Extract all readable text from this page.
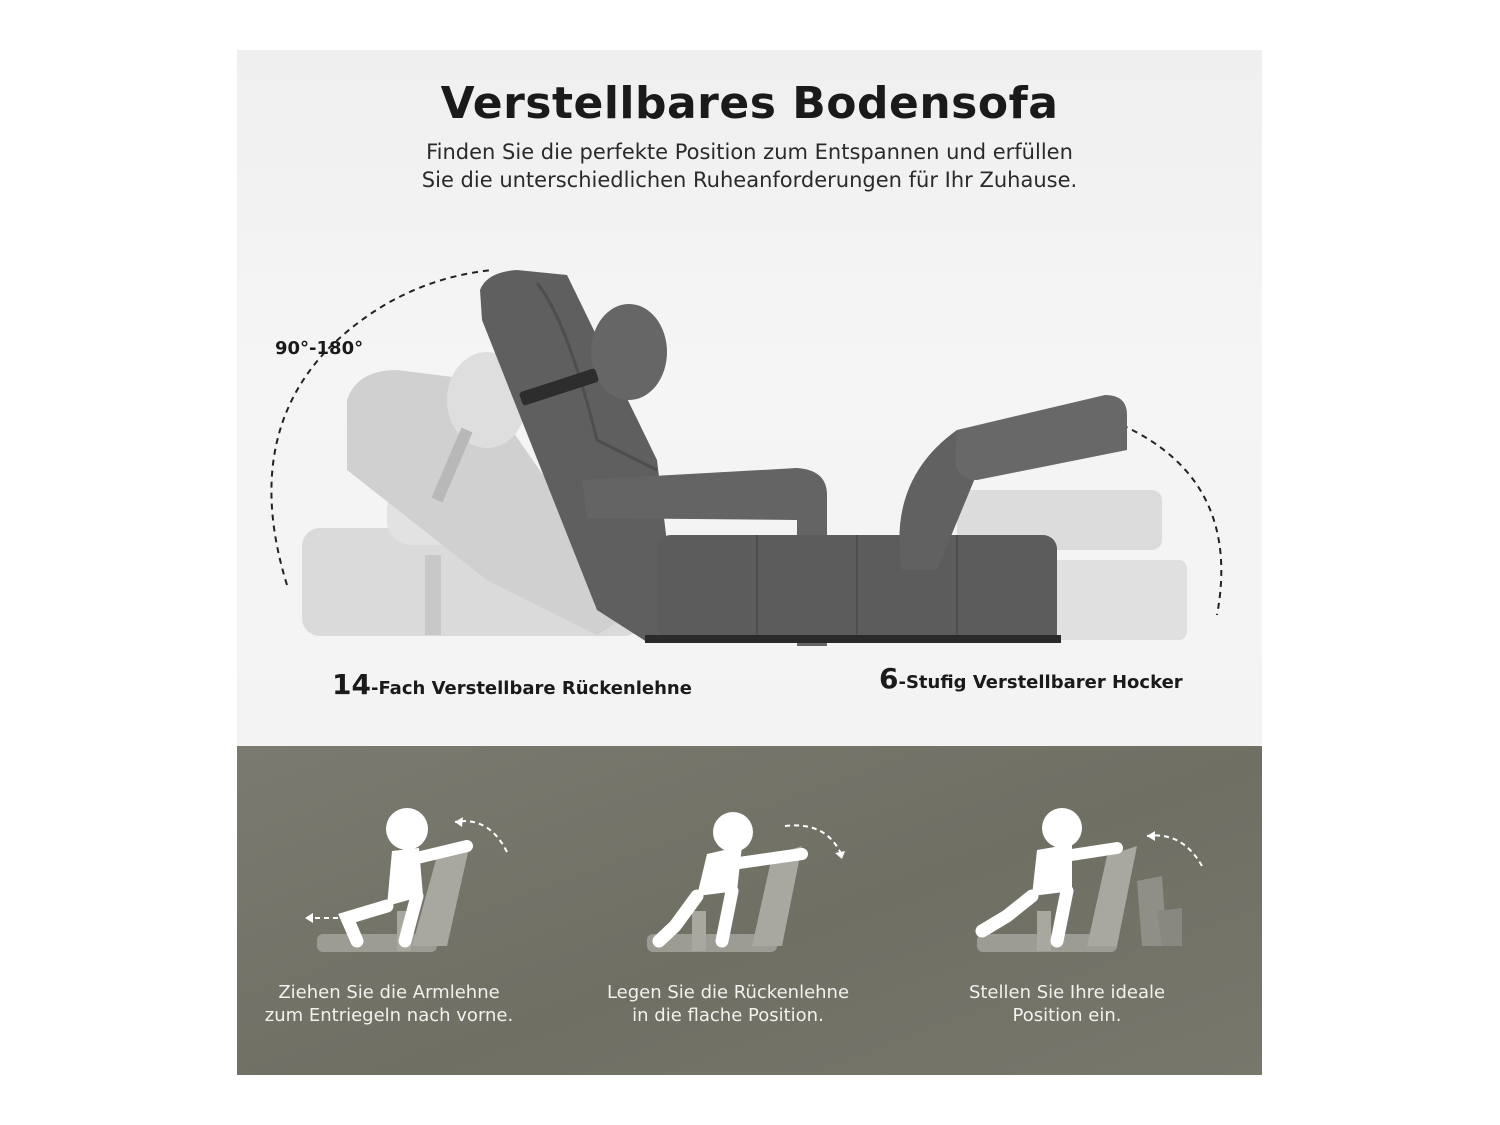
Verstellbares Bodensofa
Finden Sie die perfekte Position zum Entspannen und erfüllen
Sie die unterschiedlichen Ruheanforderungen für Ihr Zuhause.
90°-180°
14-Fach Verstellbare Rückenlehne	6-Stufig Verstellbarer Hocker
Ziehen Sie die Armlehne
zum Entriegeln nach vorne.
Legen Sie die Rückenlehne
in die flache Position.
Stellen Sie Ihre ideale
Position ein.
